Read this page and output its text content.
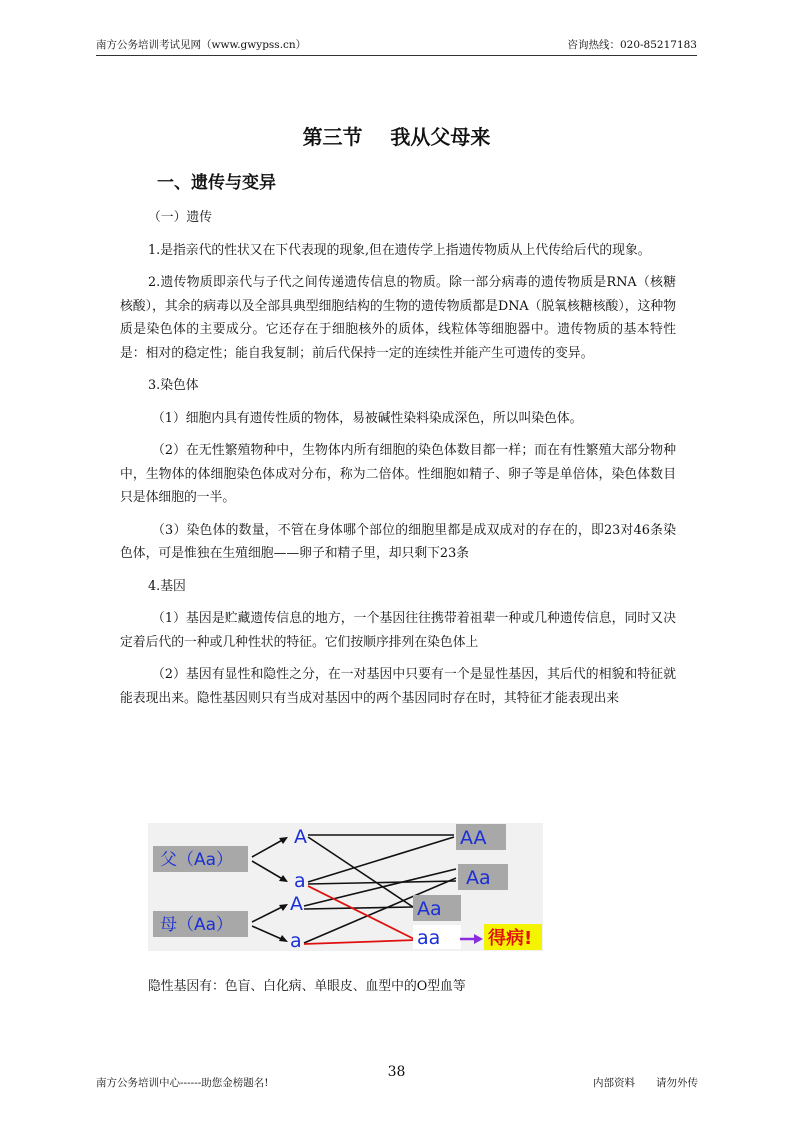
南方公务培训考试见网（www.gwypss.cn）	咨询热线：020-85217183
第三节    我从父母来
一、遗传与变异

（一）遗传

1.是指亲代的性状又在下代表现的现象,但在遗传学上指遗传物质从上代传给后代的现象。

2.遗传物质即亲代与子代之间传递遗传信息的物质。除一部分病毒的遗传物质是RNA（核糖核酸），其余的病毒以及全部具典型细胞结构的生物的遗传物质都是DNA（脱氧核糖核酸），这种物质是染色体的主要成分。它还存在于细胞核外的质体，线粒体等细胞器中。遗传物质的基本特性是：相对的稳定性；能自我复制；前后代保持一定的连续性并能产生可遗传的变异。

3.染色体

（1）细胞内具有遗传性质的物体，易被碱性染料染成深色，所以叫染色体。

（2）在无性繁殖物种中，生物体内所有细胞的染色体数目都一样；而在有性繁殖大部分物种中，生物体的体细胞染色体成对分布，称为二倍体。性细胞如精子、卵子等是单倍体，染色体数目只是体细胞的一半。

（3）染色体的数量，不管在身体哪个部位的细胞里都是成双成对的存在的，即23对46条染色体，可是惟独在生殖细胞——卵子和精子里，却只剩下23条

4.基因

（1）基因是贮藏遗传信息的地方，一个基因往往携带着祖辈一种或几种遗传信息，同时又决定着后代的一种或几种性状的特征。它们按顺序排列在染色体上

（2）基因有显性和隐性之分，在一对基因中只要有一个是显性基因，其后代的相貌和特征就能表现出来。隐性基因则只有当成对基因中的两个基因同时存在时，其特征才能表现出来

父（Aa）
母（Aa）
A
a
A
a
AA
Aa
Aa
aa	得病!
隐性基因有：色盲、白化病、单眼皮、血型中的O型血等
38
南方公务培训中心------助您金榜题名!	内部资料 请勿外传
